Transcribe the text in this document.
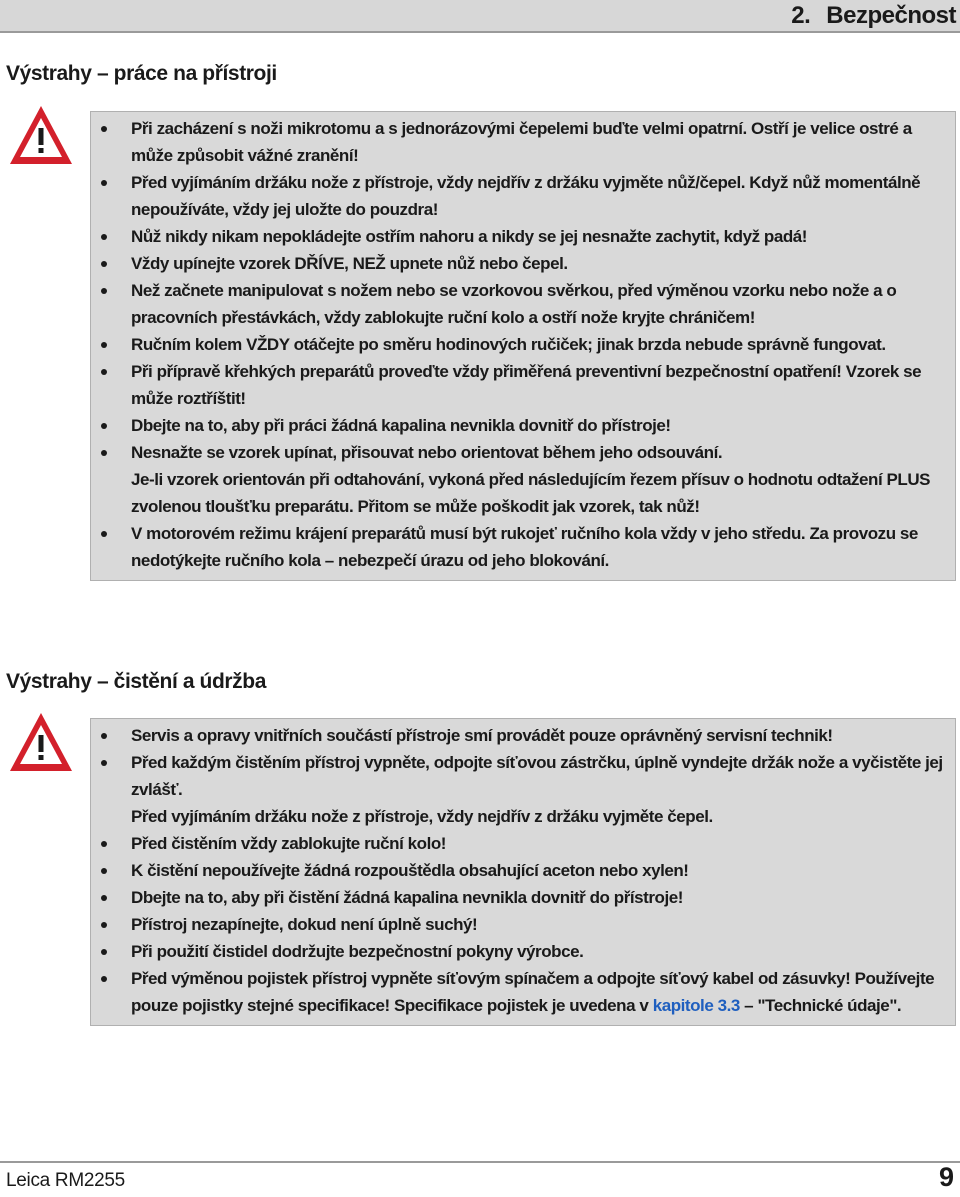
2. Bezpečnost
Výstrahy – práce na přístroji
Při zacházení s noži mikrotomu a s jednorázovými čepelemi buďte velmi opatrní. Ostří je velice ostré a může způsobit vážné zranění!
Před vyjímáním držáku nože z přístroje, vždy nejdřív z držáku vyjměte nůž/čepel. Když nůž momentálně nepoužíváte, vždy jej uložte do pouzdra!
Nůž nikdy nikam nepokládejte ostřím nahoru a nikdy se jej nesnažte zachytit, když padá!
Vždy upínejte vzorek DŘÍVE, NEŽ upnete nůž nebo čepel.
Než začnete manipulovat s nožem nebo se vzorkovou svěrkou, před výměnou vzorku nebo nože a o pracovních přestávkách, vždy zablokujte ruční kolo a ostří nože kryjte chráničem!
Ručním kolem VŽDY otáčejte po směru hodinových ručiček; jinak brzda nebude správně fungovat.
Při přípravě křehkých preparátů proveďte vždy přiměřená preventivní bezpečnostní opatření! Vzorek se může roztříštit!
Dbejte na to, aby při práci žádná kapalina nevnikla dovnitř do přístroje!
Nesnažte se vzorek upínat, přisouvat nebo orientovat během jeho odsouvání.
Je-li vzorek orientován při odtahování, vykoná před následujícím řezem přísuv o hodnotu odtažení PLUS zvolenou tloušťku preparátu. Přitom se může poškodit jak vzorek, tak nůž!
V motorovém režimu krájení preparátů musí být rukojeť ručního kola vždy v jeho středu. Za provozu se nedotýkejte ručního kola – nebezpečí úrazu od jeho blokování.
Výstrahy – čistění a údržba
Servis a opravy vnitřních součástí přístroje smí provádět pouze oprávněný servisní technik!
Před každým čistěním přístroj vypněte, odpojte síťovou zástrčku, úplně vyndejte držák nože a vyčistěte jej zvlášť.
Před vyjímáním držáku nože z přístroje, vždy nejdřív z držáku vyjměte čepel.
Před čistěním vždy zablokujte ruční kolo!
K čistění nepoužívejte žádná rozpouštědla obsahující aceton nebo xylen!
Dbejte na to, aby při čistění žádná kapalina nevnikla dovnitř do přístroje!
Přístroj nezapínejte, dokud není úplně suchý!
Při použití čistidel dodržujte bezpečnostní pokyny výrobce.
Před výměnou pojistek přístroj vypněte síťovým spínačem a odpojte síťový kabel od zásuvky! Používejte pouze pojistky stejné specifikace! Specifikace pojistek je uvedena v kapitole 3.3 – "Technické údaje".
Leica RM2255	9
